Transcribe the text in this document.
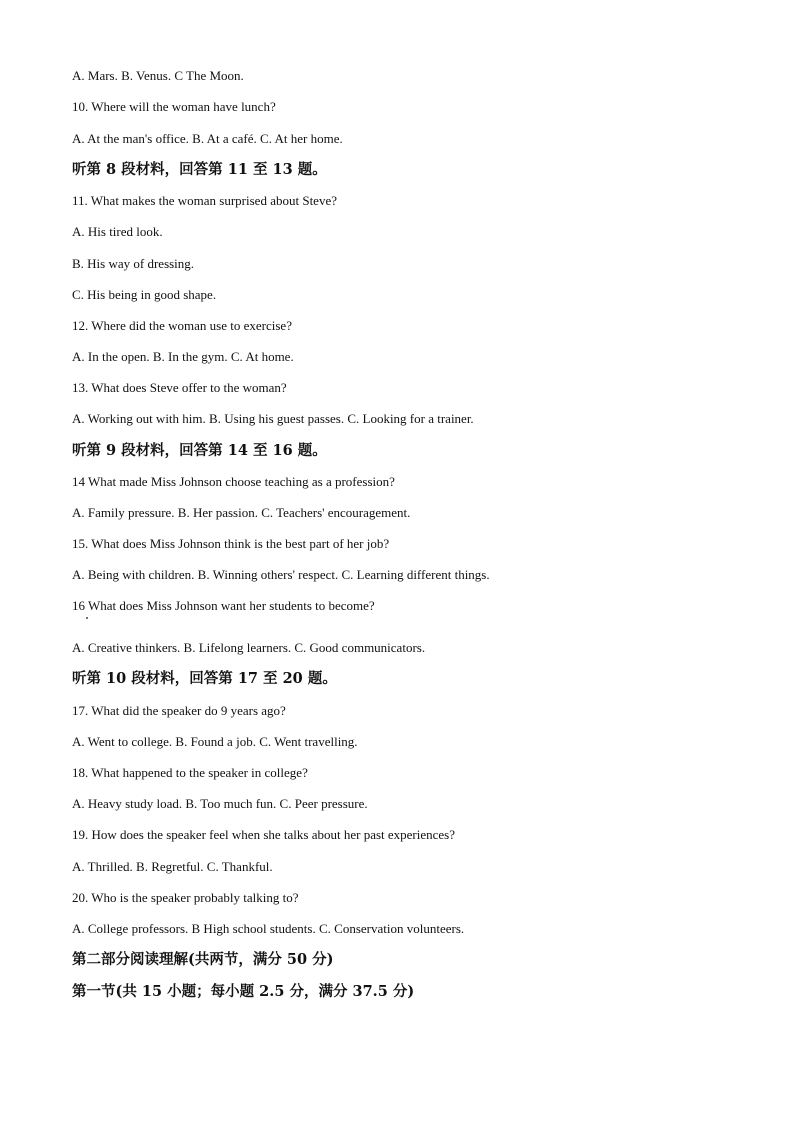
A. Mars. B. Venus. C The Moon.
10. Where will the woman have lunch?
A. At the man's office. B. At a café. C. At her home.
听第 8 段材料，回答第 11 至 13 题。
11. What makes the woman surprised about Steve?
A. His tired look.
B. His way of dressing.
C. His being in good shape.
12. Where did the woman use to exercise?
A. In the open. B. In the gym. C. At home.
13. What does Steve offer to the woman?
A. Working out with him. B. Using his guest passes. C. Looking for a trainer.
听第 9 段材料，回答第 14 至 16 题。
14 What made Miss Johnson choose teaching as a profession?
A. Family pressure. B. Her passion. C. Teachers' encouragement.
15. What does Miss Johnson think is the best part of her job?
A. Being with children. B. Winning others' respect. C. Learning different things.
16 What does Miss Johnson want her students to become?
A. Creative thinkers. B. Lifelong learners. C. Good communicators.
听第 10 段材料，回答第 17 至 20 题。
17. What did the speaker do 9 years ago?
A. Went to college. B. Found a job. C. Went travelling.
18. What happened to the speaker in college?
A. Heavy study load. B. Too much fun. C. Peer pressure.
19. How does the speaker feel when she talks about her past experiences?
A. Thrilled. B. Regretful. C. Thankful.
20. Who is the speaker probably talking to?
A. College professors. B High school students. C. Conservation volunteers.
第二部分阅读理解(共两节，满分 50 分)
第一节(共 15 小题；每小题 2.5 分，满分 37.5 分)
